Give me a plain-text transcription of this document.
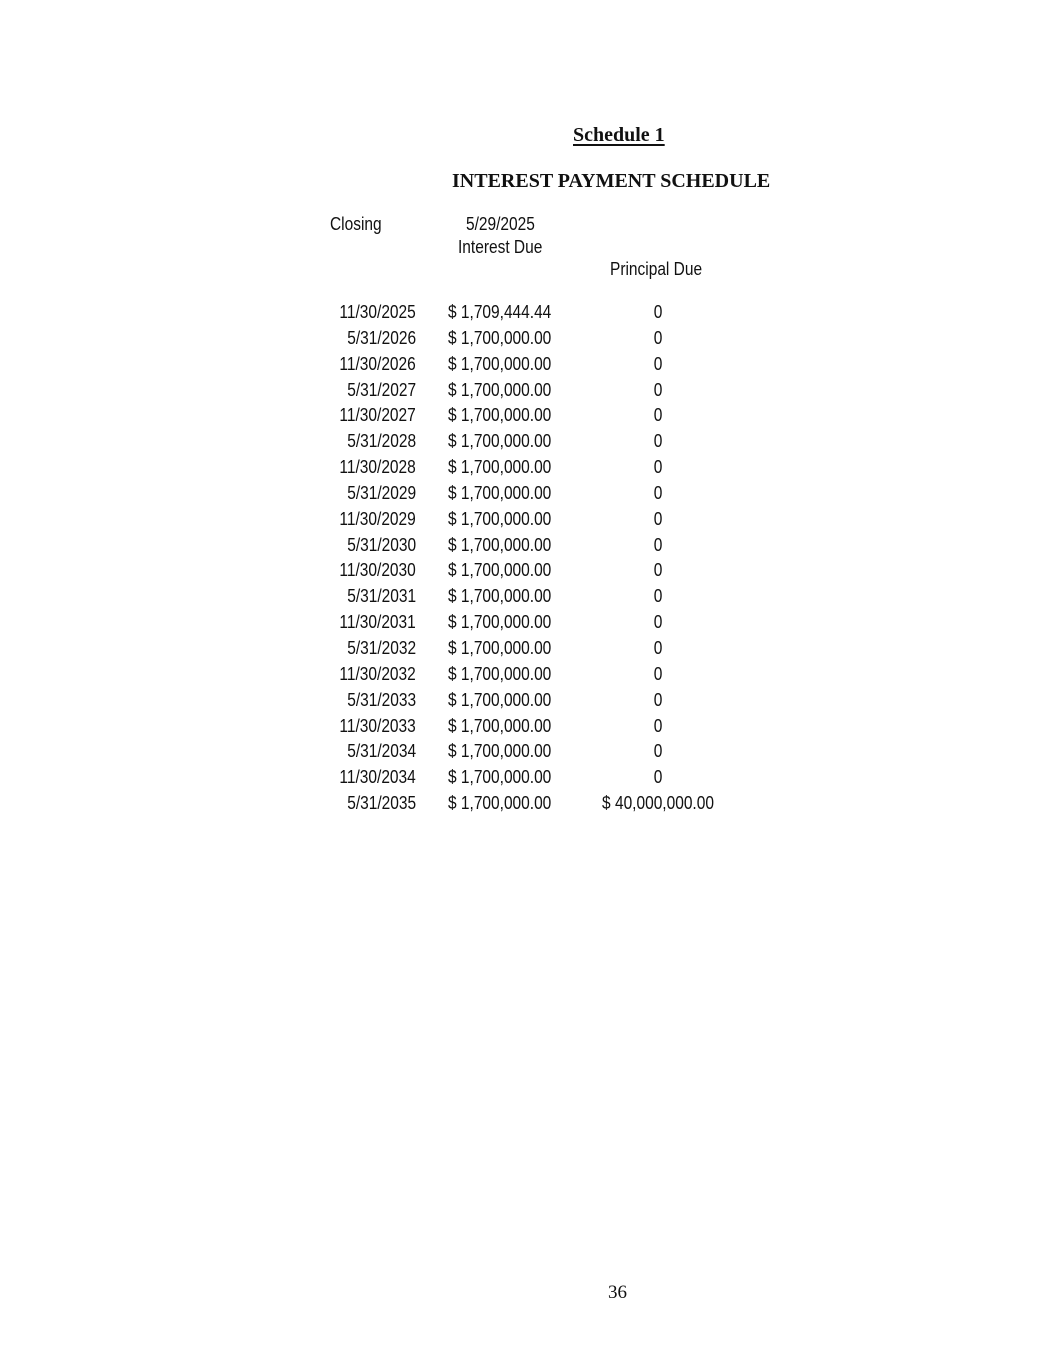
Schedule 1
INTEREST PAYMENT SCHEDULE
Closing	5/29/2025
Interest Due
Principal Due
11/30/2025 $ 1,709,444.44	0
5/31/2026 $ 1,700,000.00	0
11/30/2026 $ 1,700,000.00	0
5/31/2027 $ 1,700,000.00	0
11/30/2027 $ 1,700,000.00	0
5/31/2028 $ 1,700,000.00	0
11/30/2028 $ 1,700,000.00	0
5/31/2029 $ 1,700,000.00	0
11/30/2029 $ 1,700,000.00	0
5/31/2030 $ 1,700,000.00	0
11/30/2030 $ 1,700,000.00	0
5/31/2031 $ 1,700,000.00	0
11/30/2031 $ 1,700,000.00	0
5/31/2032 $ 1,700,000.00	0
11/30/2032 $ 1,700,000.00	0
5/31/2033 $ 1,700,000.00	0
11/30/2033 $ 1,700,000.00	0
5/31/2034 $ 1,700,000.00	0
11/30/2034 $ 1,700,000.00	0
5/31/2035 $ 1,700,000.00	$ 40,000,000.00
36
